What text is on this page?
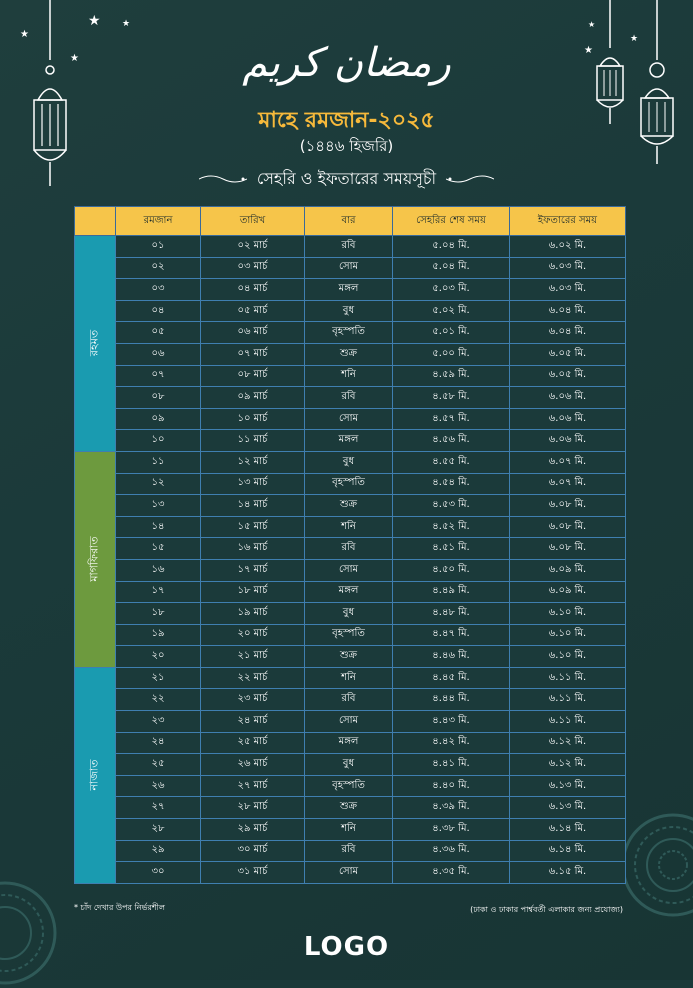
★ ★
★
★
★
★
★
رمضان كريم
মাহে রমজান-২০২৫
(১৪৪৬ হিজরি)
সেহরি ও ইফতারের সময়সূচী
	রমজান	তারিখ	বার	সেহরির শেষ সময়	ইফতারের সময়

রহমত	০১	০২ মার্চ	রবি	৫.০৪ মি.	৬.০২ মি.
	০২	০৩ মার্চ	সোম	৫.০৪ মি.	৬.০৩ মি.
	০৩	০৪ মার্চ	মঙ্গল	৫.০৩ মি.	৬.০৩ মি.
	০৪	০৫ মার্চ	বুধ	৫.০২ মি.	৬.০৪ মি.
	০৫	০৬ মার্চ	বৃহস্পতি	৫.০১ মি.	৬.০৪ মি.
	০৬	০৭ মার্চ	শুক্র	৫.০০ মি.	৬.০৫ মি.
	০৭	০৮ মার্চ	শনি	৪.৫৯ মি.	৬.০৫ মি.
	০৮	০৯ মার্চ	রবি	৪.৫৮ মি.	৬.০৬ মি.
	০৯	১০ মার্চ	সোম	৪.৫৭ মি.	৬.০৬ মি.
	১০	১১ মার্চ	মঙ্গল	৪.৫৬ মি.	৬.০৬ মি.

মাগফিরাত	১১	১২ মার্চ	বুধ	৪.৫৫ মি.	৬.০৭ মি.
	১২	১৩ মার্চ	বৃহস্পতি	৪.৫৪ মি.	৬.০৭ মি.
	১৩	১৪ মার্চ	শুক্র	৪.৫৩ মি.	৬.০৮ মি.
	১৪	১৫ মার্চ	শনি	৪.৫২ মি.	৬.০৮ মি.
	১৫	১৬ মার্চ	রবি	৪.৫১ মি.	৬.০৮ মি.
	১৬	১৭ মার্চ	সোম	৪.৫০ মি.	৬.০৯ মি.
	১৭	১৮ মার্চ	মঙ্গল	৪.৪৯ মি.	৬.০৯ মি.
	১৮	১৯ মার্চ	বুধ	৪.৪৮ মি.	৬.১০ মি.
	১৯	২০ মার্চ	বৃহস্পতি	৪.৪৭ মি.	৬.১০ মি.
	২০	২১ মার্চ	শুক্র	৪.৪৬ মি.	৬.১০ মি.

নাজাত	২১	২২ মার্চ	শনি	৪.৪৫ মি.	৬.১১ মি.
	২২	২৩ মার্চ	রবি	৪.৪৪ মি.	৬.১১ মি.
	২৩	২৪ মার্চ	সোম	৪.৪৩ মি.	৬.১১ মি.
	২৪	২৫ মার্চ	মঙ্গল	৪.৪২ মি.	৬.১২ মি.
	২৫	২৬ মার্চ	বুধ	৪.৪১ মি.	৬.১২ মি.
	২৬	২৭ মার্চ	বৃহস্পতি	৪.৪০ মি.	৬.১৩ মি.
	২৭	২৮ মার্চ	শুক্র	৪.৩৯ মি.	৬.১৩ মি.
	২৮	২৯ মার্চ	শনি	৪.৩৮ মি.	৬.১৪ মি.
	২৯	৩০ মার্চ	রবি	৪.৩৬ মি.	৬.১৪ মি.
	৩০	৩১ মার্চ	সোম	৪.৩৫ মি.	৬.১৫ মি.
* চাঁদ দেখার উপর নির্ভরশীল	(ঢাকা ও ঢাকার পার্শ্ববর্তী এলাকার জন্য প্রযোজ্য)
LOGO
